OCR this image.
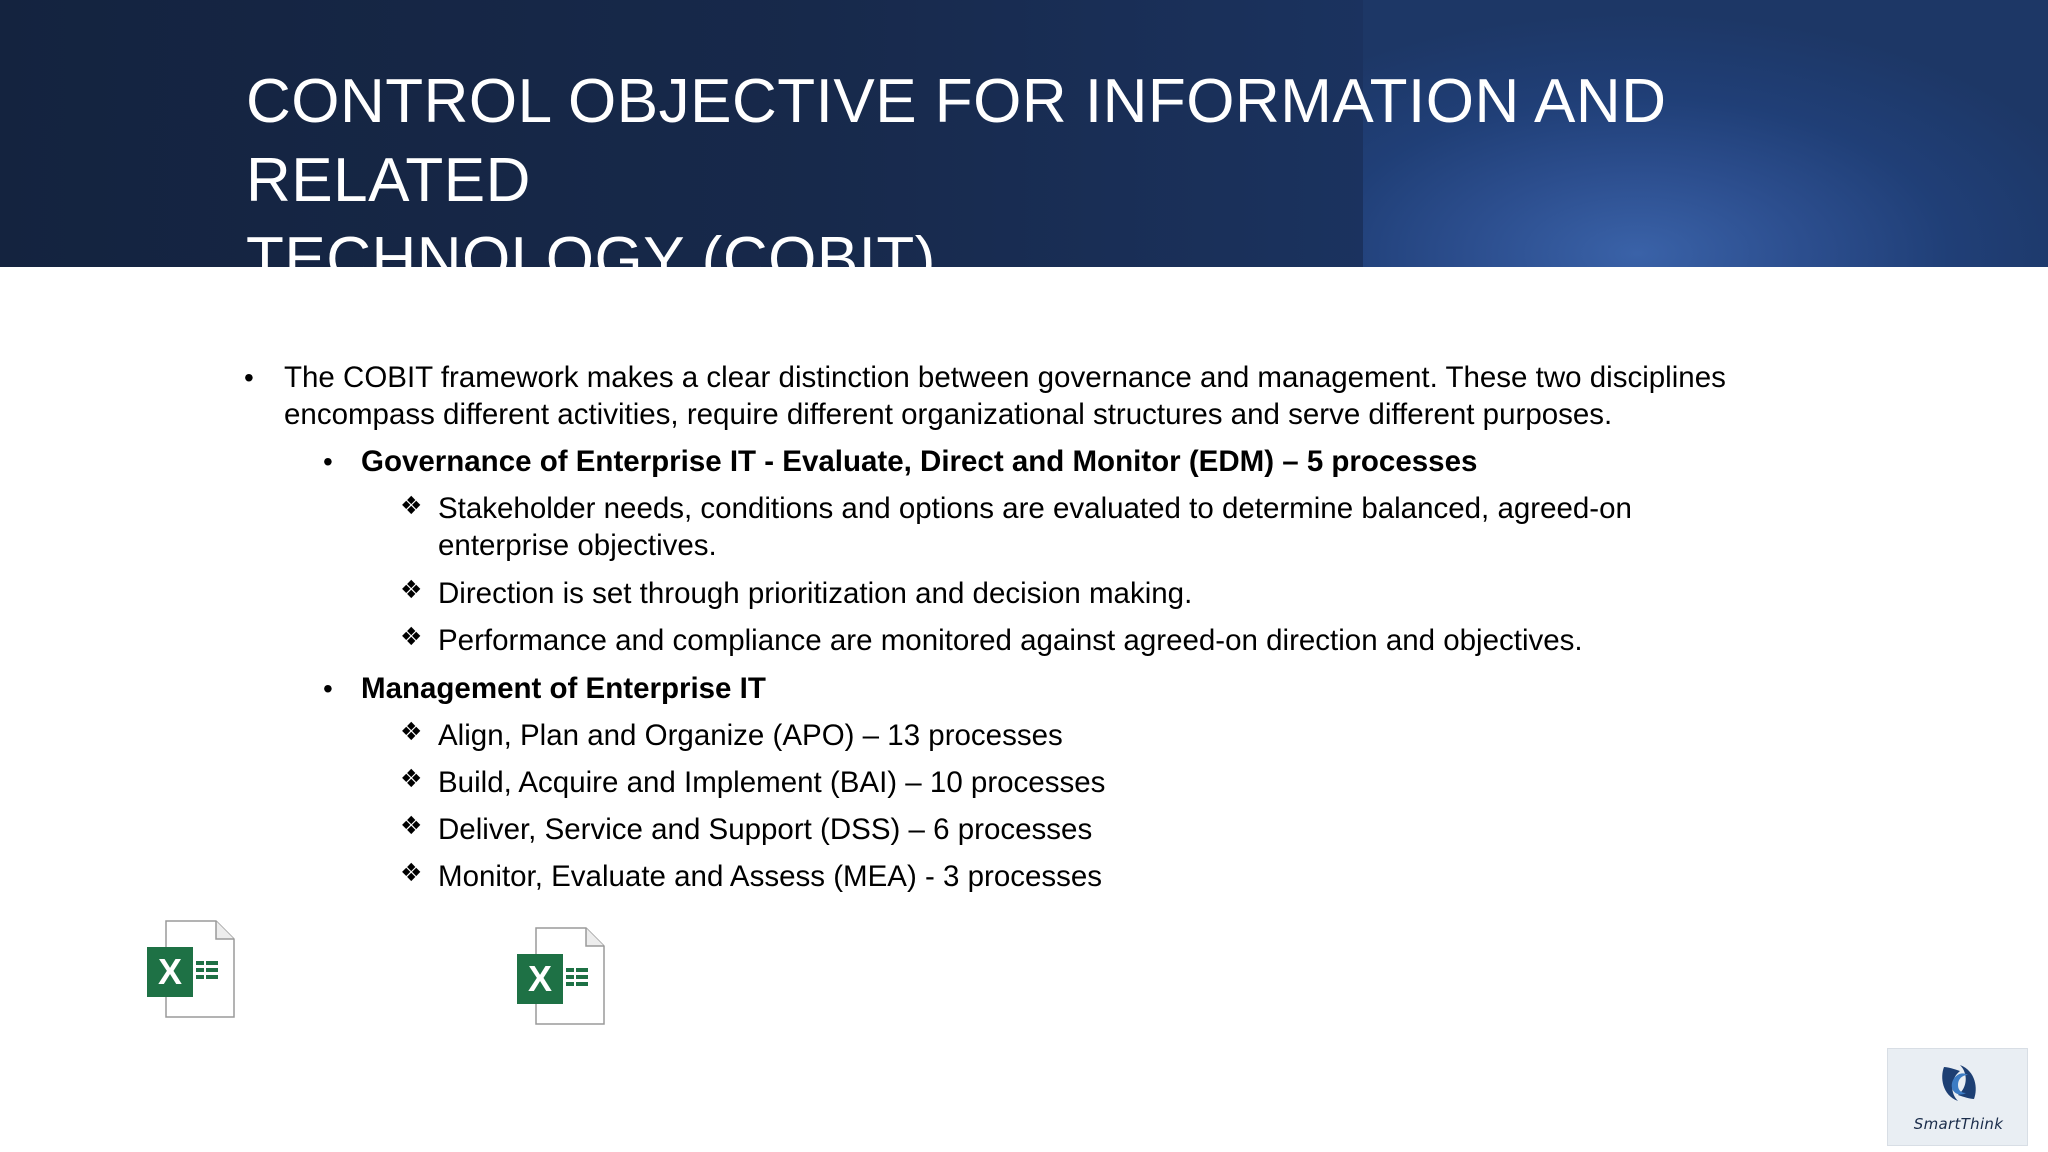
CONTROL OBJECTIVE FOR INFORMATION AND RELATED
TECHNOLOGY (COBIT)
• The COBIT framework makes a clear distinction between governance and management. These two disciplines
encompass different activities, require different organizational structures and serve different purposes.
• Governance of Enterprise IT - Evaluate, Direct and Monitor (EDM) – 5 processes
❖ Stakeholder needs, conditions and options are evaluated to determine balanced, agreed-on
enterprise objectives.
❖ Direction is set through prioritization and decision making.
❖ Performance and compliance are monitored against agreed-on direction and objectives.
• Management of Enterprise IT
❖ Align, Plan and Organize (APO) – 13 processes
❖ Build, Acquire and Implement (BAI) – 10 processes
❖ Deliver, Service and Support (DSS) – 6 processes
❖ Monitor, Evaluate and Assess (MEA) - 3 processes
X	X
SmartThink
